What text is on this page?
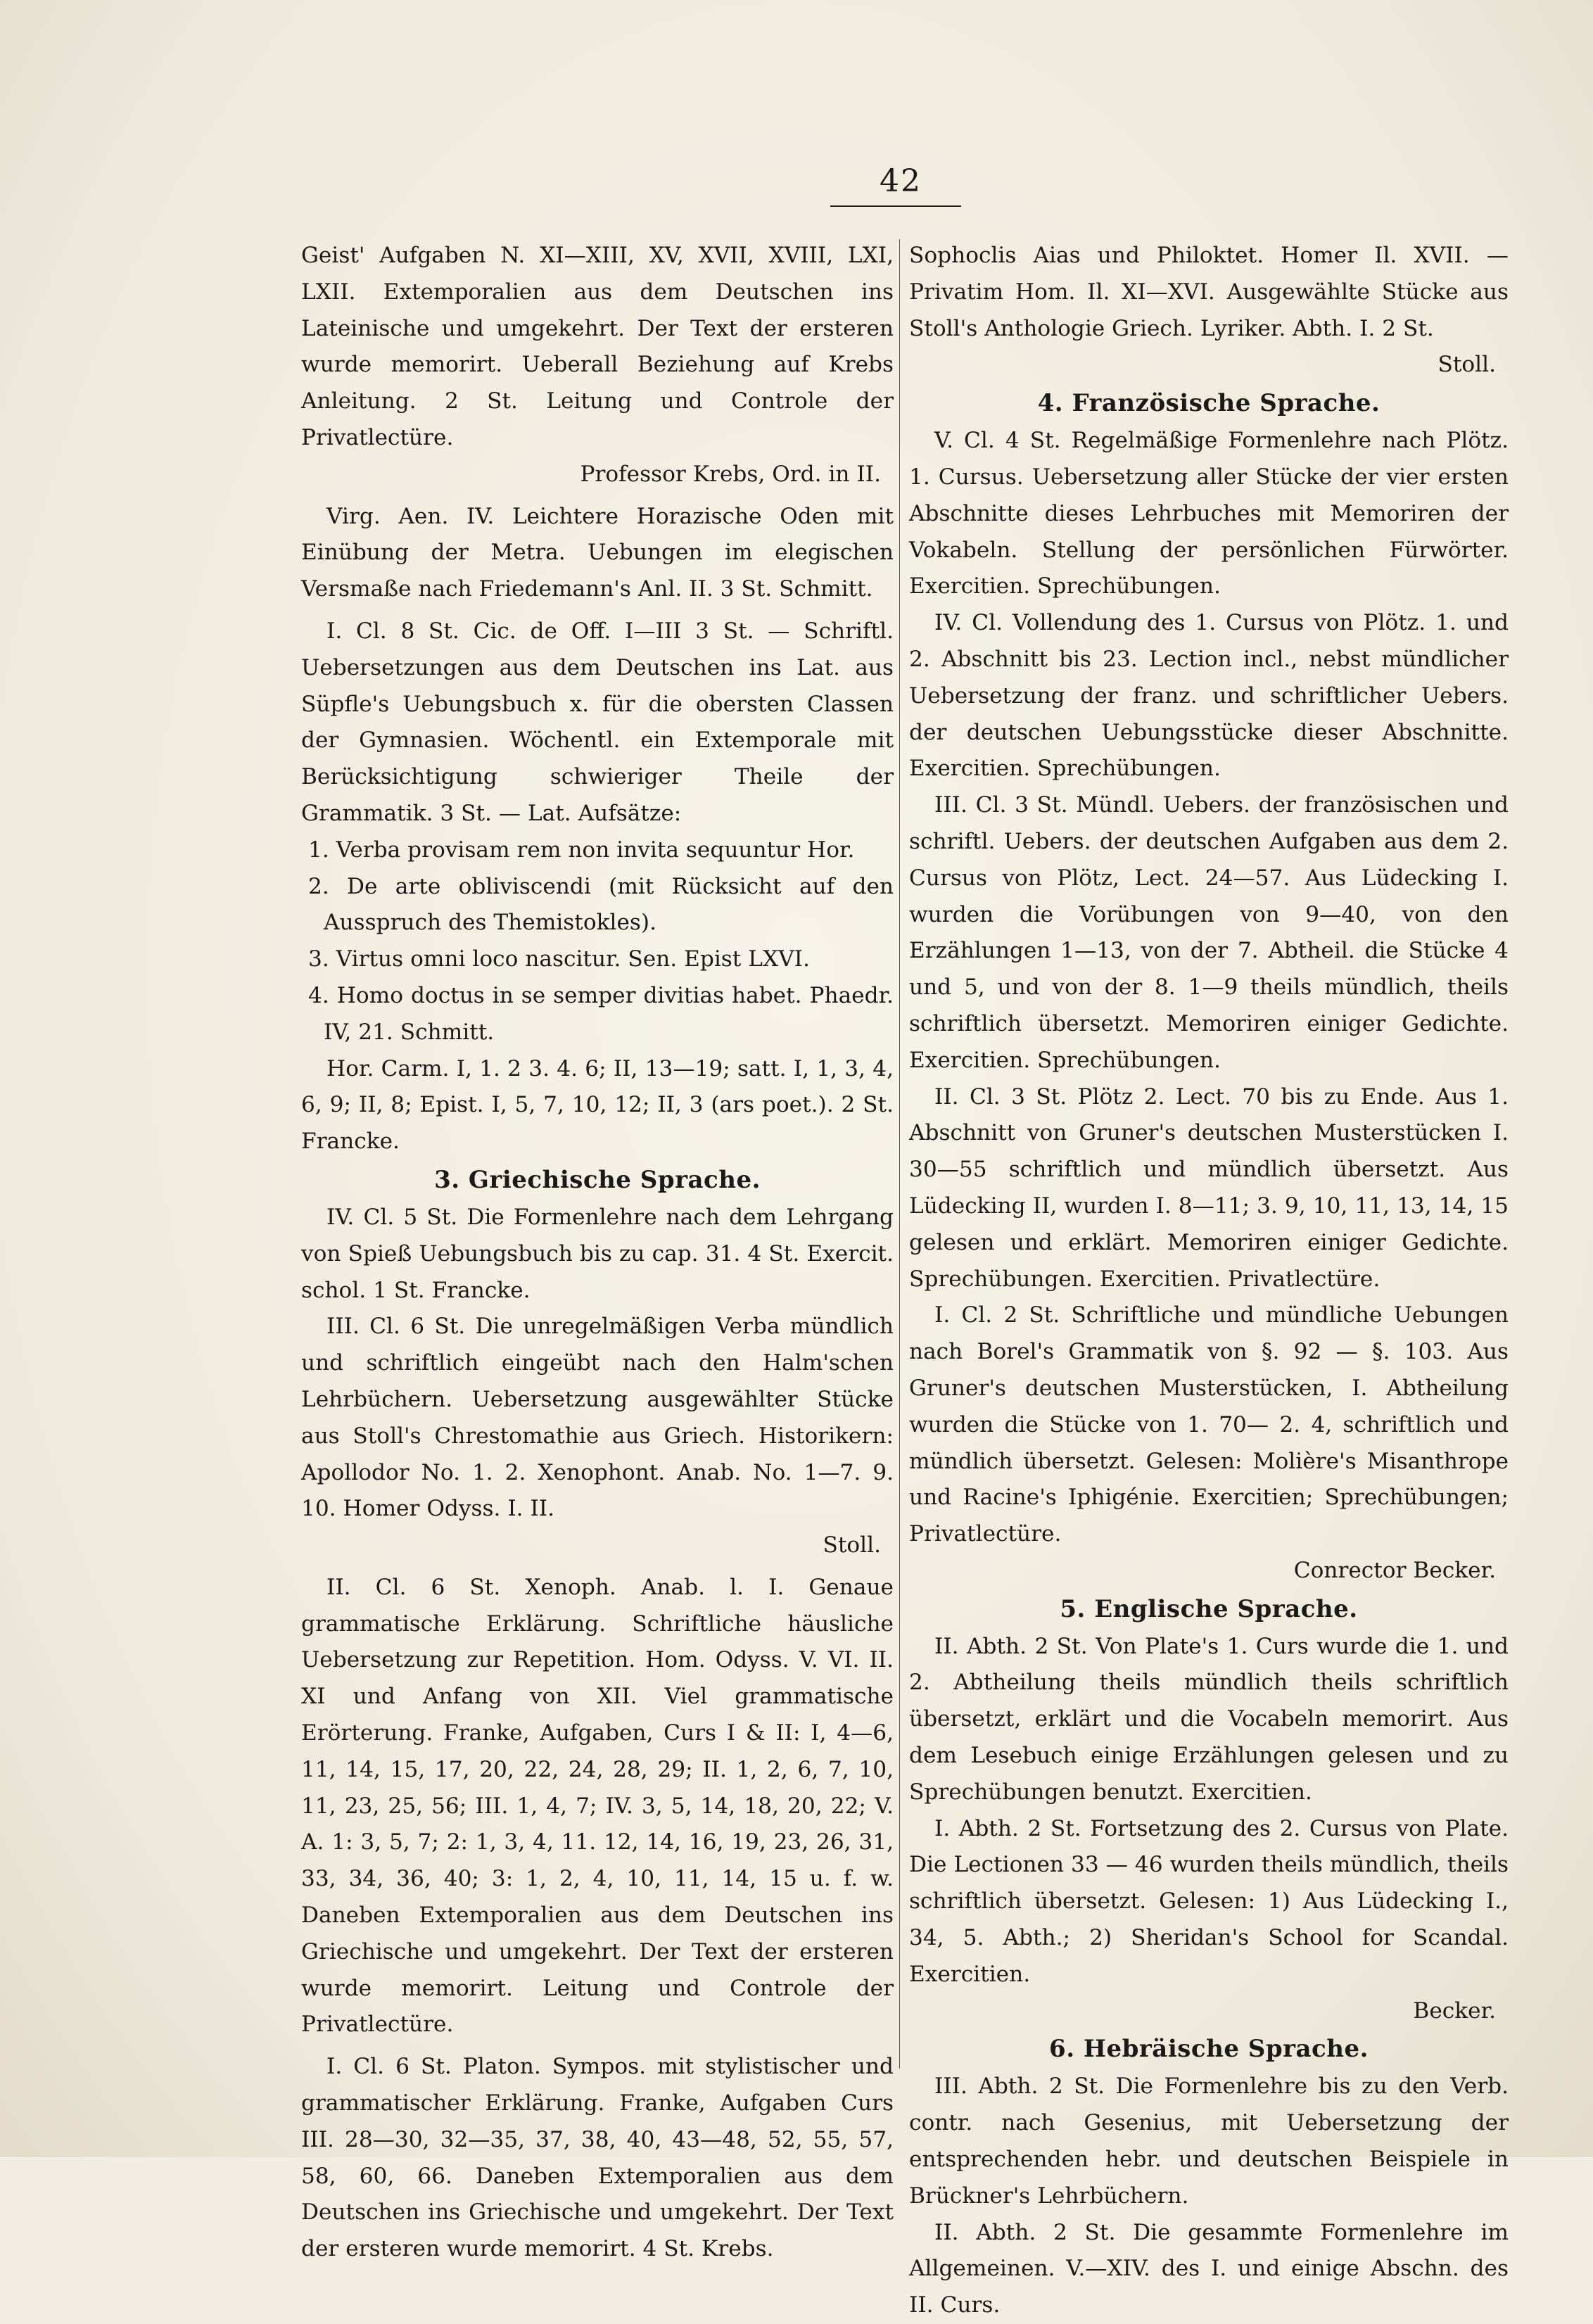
42

Geist' Aufgaben N. XI—XIII, XV, XVII, XVIII, LXI, LXII. Extemporalien aus dem Deutschen ins Lateinische und umgekehrt. Der Text der ersteren wurde memorirt. Ueberall Beziehung auf Krebs Anleitung. 2 St. Leitung und Controle der Privatlectüre.

Professor Krebs, Ord. in II.

Virg. Aen. IV. Leichtere Horazische Oden mit Einübung der Metra. Uebungen im elegischen Versmaße nach Friedemann's Anl. II. 3 St. Schmitt.

I. Cl. 8 St. Cic. de Off. I—III 3 St. — Schriftl. Uebersetzungen aus dem Deutschen ins Lat. aus Süpfle's Uebungsbuch x. für die obersten Classen der Gymnasien. Wöchentl. ein Extemporale mit Berücksichtigung schwieriger Theile der Grammatik. 3 St. — Lat. Aufsätze:

1. Verba provisam rem non invita sequuntur Hor.

2. De arte obliviscendi (mit Rücksicht auf den Ausspruch des Themistokles).

3. Virtus omni loco nascitur. Sen. Epist LXVI.

4. Homo doctus in se semper divitias habet. Phaedr. IV, 21. Schmitt.

Hor. Carm. I, 1. 2 3. 4. 6; II, 13—19; satt. I, 1, 3, 4, 6, 9; II, 8; Epist. I, 5, 7, 10, 12; II, 3 (ars poet.). 2 St. Francke.

3. Griechische Sprache.

IV. Cl. 5 St. Die Formenlehre nach dem Lehrgang von Spieß Uebungsbuch bis zu cap. 31. 4 St. Exercit. schol. 1 St. Francke.

III. Cl. 6 St. Die unregelmäßigen Verba mündlich und schriftlich eingeübt nach den Halm'schen Lehrbüchern. Uebersetzung ausgewählter Stücke aus Stoll's Chrestomathie aus Griech. Historikern: Apollodor No. 1. 2. Xenophont. Anab. No. 1—7. 9. 10. Homer Odyss. I. II.

Stoll.

II. Cl. 6 St. Xenoph. Anab. l. I. Genaue grammatische Erklärung. Schriftliche häusliche Uebersetzung zur Repetition. Hom. Odyss. V. VI. II. XI und Anfang von XII. Viel grammatische Erörterung. Franke, Aufgaben, Curs I & II: I, 4—6, 11, 14, 15, 17, 20, 22, 24, 28, 29; II. 1, 2, 6, 7, 10, 11, 23, 25, 56; III. 1, 4, 7; IV. 3, 5, 14, 18, 20, 22; V. A. 1: 3, 5, 7; 2: 1, 3, 4, 11. 12, 14, 16, 19, 23, 26, 31, 33, 34, 36, 40; 3: 1, 2, 4, 10, 11, 14, 15 u. f. w. Daneben Extemporalien aus dem Deutschen ins Griechische und umgekehrt. Der Text der ersteren wurde memorirt. Leitung und Controle der Privatlectüre.

I. Cl. 6 St. Platon. Sympos. mit stylistischer und grammatischer Erklärung. Franke, Aufgaben Curs III. 28—30, 32—35, 37, 38, 40, 43—48, 52, 55, 57, 58, 60, 66. Daneben Extemporalien aus dem Deutschen ins Griechische und umgekehrt. Der Text der ersteren wurde memorirt. 4 St. Krebs.

Sophoclis Aias und Philoktet. Homer Il. XVII. — Privatim Hom. Il. XI—XVI. Ausgewählte Stücke aus Stoll's Anthologie Griech. Lyriker. Abth. I. 2 St.

Stoll.

4. Französische Sprache.

V. Cl. 4 St. Regelmäßige Formenlehre nach Plötz. 1. Cursus. Uebersetzung aller Stücke der vier ersten Abschnitte dieses Lehrbuches mit Memoriren der Vokabeln. Stellung der persönlichen Fürwörter. Exercitien. Sprechübungen.

IV. Cl. Vollendung des 1. Cursus von Plötz. 1. und 2. Abschnitt bis 23. Lection incl., nebst mündlicher Uebersetzung der franz. und schriftlicher Uebers. der deutschen Uebungsstücke dieser Abschnitte. Exercitien. Sprechübungen.

III. Cl. 3 St. Mündl. Uebers. der französischen und schriftl. Uebers. der deutschen Aufgaben aus dem 2. Cursus von Plötz, Lect. 24—57. Aus Lüdecking I. wurden die Vorübungen von 9—40, von den Erzählungen 1—13, von der 7. Abtheil. die Stücke 4 und 5, und von der 8. 1—9 theils mündlich, theils schriftlich übersetzt. Memoriren einiger Gedichte. Exercitien. Sprechübungen.

II. Cl. 3 St. Plötz 2. Lect. 70 bis zu Ende. Aus 1. Abschnitt von Gruner's deutschen Musterstücken I. 30—55 schriftlich und mündlich übersetzt. Aus Lüdecking II, wurden I. 8—11; 3. 9, 10, 11, 13, 14, 15 gelesen und erklärt. Memoriren einiger Gedichte. Sprechübungen. Exercitien. Privatlectüre.

I. Cl. 2 St. Schriftliche und mündliche Uebungen nach Borel's Grammatik von §. 92 — §. 103. Aus Gruner's deutschen Musterstücken, I. Abtheilung wurden die Stücke von 1. 70— 2. 4, schriftlich und mündlich übersetzt. Gelesen: Molière's Misanthrope und Racine's Iphigénie. Exercitien; Sprechübungen; Privatlectüre.

Conrector Becker.

5. Englische Sprache.

II. Abth. 2 St. Von Plate's 1. Curs wurde die 1. und 2. Abtheilung theils mündlich theils schriftlich übersetzt, erklärt und die Vocabeln memorirt. Aus dem Lesebuch einige Erzählungen gelesen und zu Sprechübungen benutzt. Exercitien.

I. Abth. 2 St. Fortsetzung des 2. Cursus von Plate. Die Lectionen 33 — 46 wurden theils mündlich, theils schriftlich übersetzt. Gelesen: 1) Aus Lüdecking I., 34, 5. Abth.; 2) Sheridan's School for Scandal. Exercitien.

Becker.

6. Hebräische Sprache.

III. Abth. 2 St. Die Formenlehre bis zu den Verb. contr. nach Gesenius, mit Uebersetzung der entsprechenden hebr. und deutschen Beispiele in Brückner's Lehrbüchern.

II. Abth. 2 St. Die gesammte Formenlehre im Allgemeinen. V.—XIV. des I. und einige Abschn. des II. Curs.
